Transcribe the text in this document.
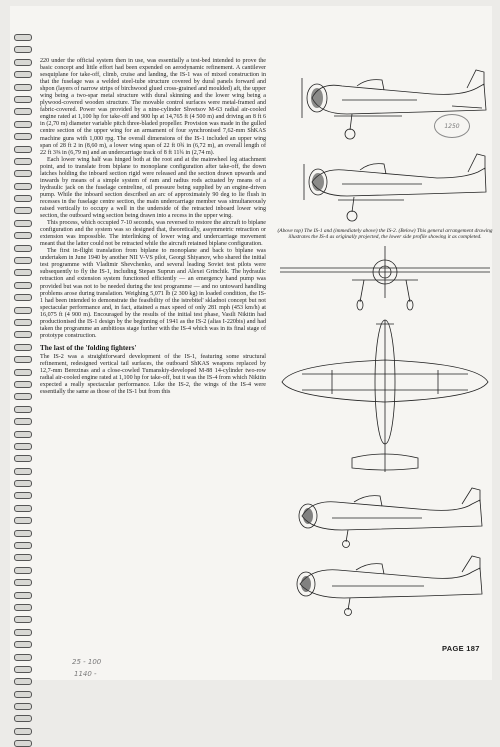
220 under the official system then in use, was essentially a test-bed intended to prove the basic concept and little effort had been expended on aerodynamic refinement. A cantilever sesquiplane for take-off, climb, cruise and landing, the IS-1 was of mixed construction in that the fuselage was a welded steel-tube structure covered by dural panels forward and shpon (layers of narrow strips of birchwood glued cross-grained and moulded) aft, the upper wing being a two-spar metal structure with dural skinning and the lower wing being a plywood-covered wooden structure. The movable control surfaces were metal-framed and fabric-covered. Power was provided by a nine-cylinder Shvetsov M-63 radial air-cooled engine rated at 1,100 hp for take-off and 900 hp at 14,765 ft (4 500 m) and driving an 8 ft 6 in (2,70 m) diameter variable pitch three-bladed propeller. Provision was made in the gulled centre section of the upper wing for an armament of four synchronised 7,62-mm ShKAS machine guns with 1,000 rpg. The overall dimensions of the IS-1 included an upper wing span of 28 ft 2 in (8,60 m), a lower wing span of 22 ft 0¾ in (6,72 m), an overall length of 22 ft 3⅜ in (6,79 m) and an undercarriage track of 8 ft 11¾ in (2,74 m).

Each lower wing half was hinged both at the root and at the mainwheel leg attachment point, and to translate from biplane to monoplane configuration after take-off, the down latches holding the inboard section rigid were released and the section drawn upwards and inwards by means of a simple system of ram and radius rods actuated by means of a hydraulic jack on the fuselage centreline, oil pressure being supplied by an engine-driven pump. While the inboard section described an arc of approximately 90 deg to lie flush in recesses in the fuselage centre section, the main undercarriage member was simultaneously raised vertically to occupy a well in the underside of the retracted inboard lower wing section, the outboard wing section being drawn into a recess in the upper wing.

This process, which occupied 7-10 seconds, was reversed to restore the aircraft to biplane configuration and the system was so designed that, theoretically, assymmetric retraction or extension was impossible. The interlinking of lower wing and undercarriage movement meant that the latter could not be retracted while the aircraft retained biplane configuration.

The first in-flight translation from biplane to monoplane and back to biplane was undertaken in June 1940 by another NII V-VS pilot, Georgi Shiyanov, who shared the initial test programme with Vladimir Shevchenko, and several leading Soviet test pilots were subsequently to fly the IS-1, including Stepan Suprun and Alexei Grinchik. The hydraulic retraction and extension system functioned efficiently — an emergency hand pump was provided but was not to be needed during the test programme — and no untoward handling problems arose during translation. Weighing 5,071 lb (2 300 kg) in loaded condition, the IS-1 had been intended to demonstrate the feasibility of the istrebitel' skladnoi concept but not spectacular performance and, in fact, attained a max speed of only 281 mph (453 km/h) at 16,075 ft (4 900 m). Encouraged by the results of the initial test phase, Vasili Nikitin had productionised the IS-1 design by the beginning of 1941 as the IS-2 (alias I-220bis) and had taken the programme an ambitious stage further with the IS-4 which was in its final stage of prototype construction.

The last of the 'folding fighters'

The IS-2 was a straightforward development of the IS-1, featuring some structural refinement, redesigned vertical tail surfaces, the outboard ShKAS weapons replaced by 12,7-mm Berezinas and a close-cowled Tumanskiy-developed M-88 14-cylinder two-row radial air-cooled engine rated at 1,100 hp for take-off, but it was the IS-4 from which Nikitin expected a really spectacular performance. Like the IS-2, the wings of the IS-4 were essentially the same as those of the IS-1 but from this

1250
(Above top) The IS-1 and (immediately above) the IS-2. (Below) This general arrangement drawing illustrates the IS-4 as originally projected, the lower side profile showing it as completed.
PAGE 187
25 - 100
1140 -
